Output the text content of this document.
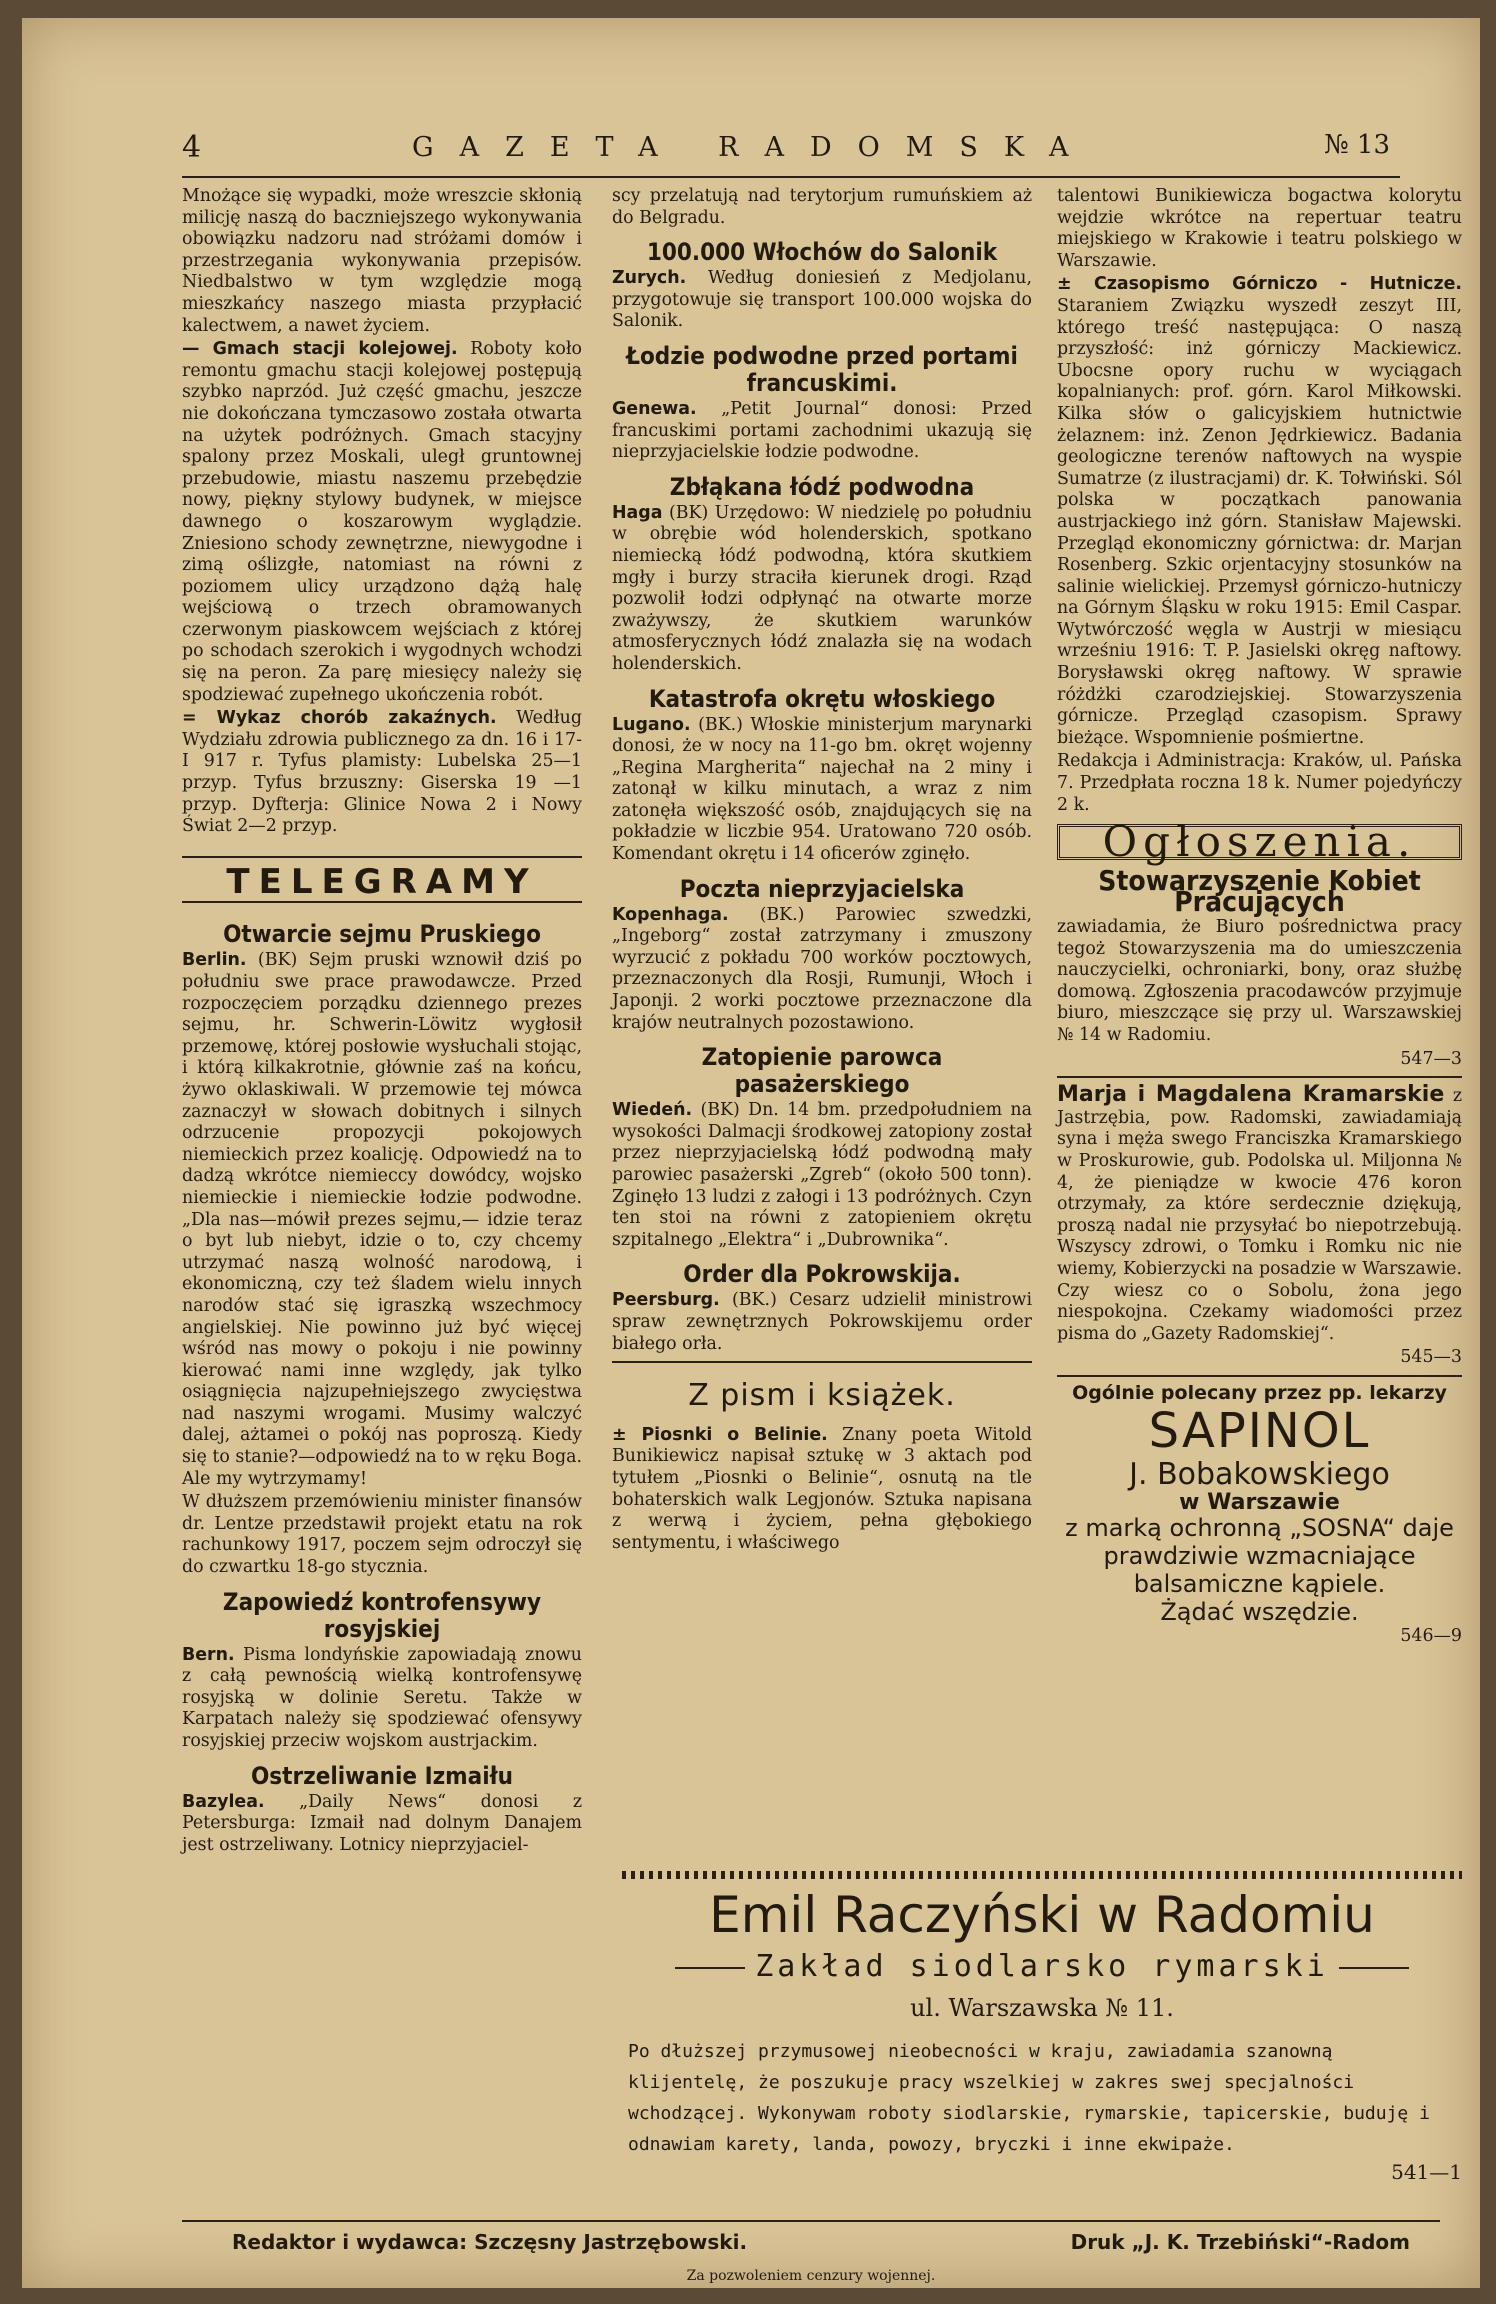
4	GAZETA RADOMSKA	№ 13

Mnożące się wypadki, może wreszcie skłonią milicję naszą do baczniejszego wykonywania obowiązku nadzoru nad stróżami domów i przestrzegania wykonywania przepisów. Niedbalstwo w tym względzie mogą mieszkańcy naszego miasta przypłacić kalectwem, a nawet życiem.

— Gmach stacji kolejowej. Roboty koło remontu gmachu stacji kolejowej postępują szybko naprzód. Już część gmachu, jeszcze nie dokończana tymczasowo została otwarta na użytek podróżnych. Gmach stacyjny spalony przez Moskali, uległ gruntownej przebudowie, miastu naszemu przebędzie nowy, piękny stylowy budynek, w miejsce dawnego o koszarowym wyglądzie. Zniesiono schody zewnętrzne, niewygodne i zimą oślizgłe, natomiast na równi z poziomem ulicy urządzono dążą halę wejściową o trzech obramowanych czerwonym piaskowcem wejściach z której po schodach szerokich i wygodnych wchodzi się na peron. Za parę miesięcy należy się spodziewać zupełnego ukończenia robót.

= Wykaz chorób zakaźnych. Według Wydziału zdrowia publicznego za dn. 16 i 17-I 917 r. Tyfus plamisty: Lubelska 25—1 przyp. Tyfus brzuszny: Giserska 19 —1 przyp. Dyfterja: Glinice Nowa 2 i Nowy Świat 2—2 przyp.

TELEGRAMY
Otwarcie sejmu Pruskiego

Berlin. (BK) Sejm pruski wznowił dziś po południu swe prace prawodawcze. Przed rozpoczęciem porządku dziennego prezes sejmu, hr. Schwerin-Löwitz wygłosił przemowę, której posłowie wysłuchali stojąc, i którą kilkakrotnie, głównie zaś na końcu, żywo oklaskiwali. W przemowie tej mówca zaznaczył w słowach dobitnych i silnych odrzucenie propozycji pokojowych niemieckich przez koalicję. Odpowiedź na to dadzą wkrótce niemieccy dowódcy, wojsko niemieckie i niemieckie łodzie podwodne. „Dla nas—mówił prezes sejmu,— idzie teraz o byt lub niebyt, idzie o to, czy chcemy utrzymać naszą wolność narodową, i ekonomiczną, czy też śladem wielu innych narodów stać się igraszką wszechmocy angielskiej. Nie powinno już być więcej wśród nas mowy o pokoju i nie powinny kierować nami inne względy, jak tylko osiągnięcia najzupełniejszego zwycięstwa nad naszymi wrogami. Musimy walczyć dalej, ażtamei o pokój nas poproszą. Kiedy się to stanie?—odpowiedź na to w ręku Boga. Ale my wytrzymamy!

W dłuższem przemówieniu minister finansów dr. Lentze przedstawił projekt etatu na rok rachunkowy 1917, poczem sejm odroczył się do czwartku 18-go stycznia.

Zapowiedź kontrofensywy rosyjskiej

Bern. Pisma londyńskie zapowiadają znowu z całą pewnością wielką kontrofensywę rosyjską w dolinie Seretu. Także w Karpatach należy się spodziewać ofensywy rosyjskiej przeciw wojskom austrjackim.

Ostrzeliwanie Izmaiłu

Bazylea. „Daily News“ donosi z Petersburga: Izmaił nad dolnym Danajem jest ostrzeliwany. Lotnicy nieprzyjaciel-

scy przelatują nad terytorjum rumuńskiem aż do Belgradu.

100.000 Włochów do Salonik

Zurych. Według doniesień z Medjolanu, przygotowuje się transport 100.000 wojska do Salonik.

Łodzie podwodne przed portami francuskimi.

Genewa. „Petit Journal“ donosi: Przed francuskimi portami zachodnimi ukazują się nieprzyjacielskie łodzie podwodne.

Zbłąkana łódź podwodna

Haga (BK) Urzędowo: W niedzielę po południu w obrębie wód holenderskich, spotkano niemiecką łódź podwodną, która skutkiem mgły i burzy straciła kierunek drogi. Rząd pozwolił łodzi odpłynąć na otwarte morze zważywszy, że skutkiem warunków atmosferycznych łódź znalazła się na wodach holenderskich.

Katastrofa okrętu włoskiego

Lugano. (BK.) Włoskie ministerjum marynarki donosi, że w nocy na 11-go bm. okręt wojenny „Regina Margherita“ najechał na 2 miny i zatonął w kilku minutach, a wraz z nim zatonęła większość osób, znajdujących się na pokładzie w liczbie 954. Uratowano 720 osób. Komendant okrętu i 14 oficerów zginęło.

Poczta nieprzyjacielska

Kopenhaga. (BK.) Parowiec szwedzki, „Ingeborg“ został zatrzymany i zmuszony wyrzucić z pokładu 700 worków pocztowych, przeznaczonych dla Rosji, Rumunji, Włoch i Japonji. 2 worki pocztowe przeznaczone dla krajów neutralnych pozostawiono.

Zatopienie parowca pasażerskiego

Wiedeń. (BK) Dn. 14 bm. przedpołudniem na wysokości Dalmacji środkowej zatopiony został przez nieprzyjacielską łódź podwodną mały parowiec pasażerski „Zgreb“ (około 500 tonn). Zginęło 13 ludzi z załogi i 13 podróżnych. Czyn ten stoi na równi z zatopieniem okrętu szpitalnego „Elektra“ i „Dubrownika“.

Order dla Pokrowskija.

Peersburg. (BK.) Cesarz udzielił ministrowi spraw zewnętrznych Pokrowskijemu order białego orła.

Z pism i książek.

± Piosnki o Belinie. Znany poeta Witold Bunikiewicz napisał sztukę w 3 aktach pod tytułem „Piosnki o Belinie“, osnutą na tle bohaterskich walk Legjonów. Sztuka napisana z werwą i życiem, pełna głębokiego sentymentu, i właściwego

talentowi Bunikiewicza bogactwa kolorytu wejdzie wkrótce na repertuar teatru miejskiego w Krakowie i teatru polskiego w Warszawie.

± Czasopismo Górniczo - Hutnicze. Staraniem Związku wyszedł zeszyt III, którego treść następująca: O naszą przyszłość: inż górniczy Mackiewicz. Ubocsne opory ruchu w wyciągach kopalnianych: prof. górn. Karol Miłkowski. Kilka słów o galicyjskiem hutnictwie żelaznem: inż. Zenon Jędrkiewicz. Badania geologiczne terenów naftowych na wyspie Sumatrze (z ilustracjami) dr. K. Tołwiński. Sól polska w początkach panowania austrjackiego inż górn. Stanisław Majewski. Przegląd ekonomiczny górnictwa: dr. Marjan Rosenberg. Szkic orjentacyjny stosunków na salinie wielickiej. Przemysł górniczo-hutniczy na Górnym Śląsku w roku 1915: Emil Caspar. Wytwórczość węgla w Austrji w miesiącu wrześniu 1916: T. P. Jasielski okręg naftowy. Borysławski okręg naftowy. W sprawie różdżki czarodziejskiej. Stowarzyszenia górnicze. Przegląd czasopism. Sprawy bieżące. Wspomnienie pośmiertne.

Redakcja i Administracja: Kraków, ul. Pańska 7. Przedpłata roczna 18 k. Numer pojedyńczy 2 k.

Ogłoszenia.
Stowarzyszenie Kobiet Pracujących

zawiadamia, że Biuro pośrednictwa pracy tegoż Stowarzyszenia ma do umieszczenia nauczycielki, ochroniarki, bony, oraz służbę domową. Zgłoszenia pracodawców przyjmuje biuro, mieszczące się przy ul. Warszawskiej № 14 w Radomiu.

547—3

Marja i Magdalena Kramarskie z Jastrzębia, pow. Radomski, zawiadamiają syna i męża swego Franciszka Kramarskiego w Proskurowie, gub. Podolska ul. Miljonna № 4, że pieniądze w kwocie 476 koron otrzymały, za które serdecznie dziękują, proszą nadal nie przysyłać bo niepotrzebują. Wszyscy zdrowi, o Tomku i Romku nic nie wiemy, Kobierzycki na posadzie w Warszawie. Czy wiesz co o Sobolu, żona jego niespokojna. Czekamy wiadomości przez pisma do „Gazety Radomskiej“.

545—3
Ogólnie polecany przez pp. lekarzy
SAPINOL
J. Bobakowskiego
w Warszawie
z marką ochronną „SOSNA“ daje prawdziwie wzmacniające balsamiczne kąpiele.
Żądać wszędzie.
546—9
Emil Raczyński w Radomiu
Zakład siodlarsko rymarski
ul. Warszawska № 11.
Po dłuższej przymusowej nieobecności w kraju, zawiadamia szanowną klijentelę, że poszukuje pracy wszelkiej w zakres swej specjalności wchodzącej. Wykonywam roboty siodlarskie, rymarskie, tapicerskie, buduję i odnawiam karety, landa, powozy, bryczki i inne ekwipaże.
541—1
Redaktor i wydawca: Szczęsny Jastrzębowski.	Druk „J. K. Trzebiński“-Radom
Za pozwoleniem cenzury wojennej.
